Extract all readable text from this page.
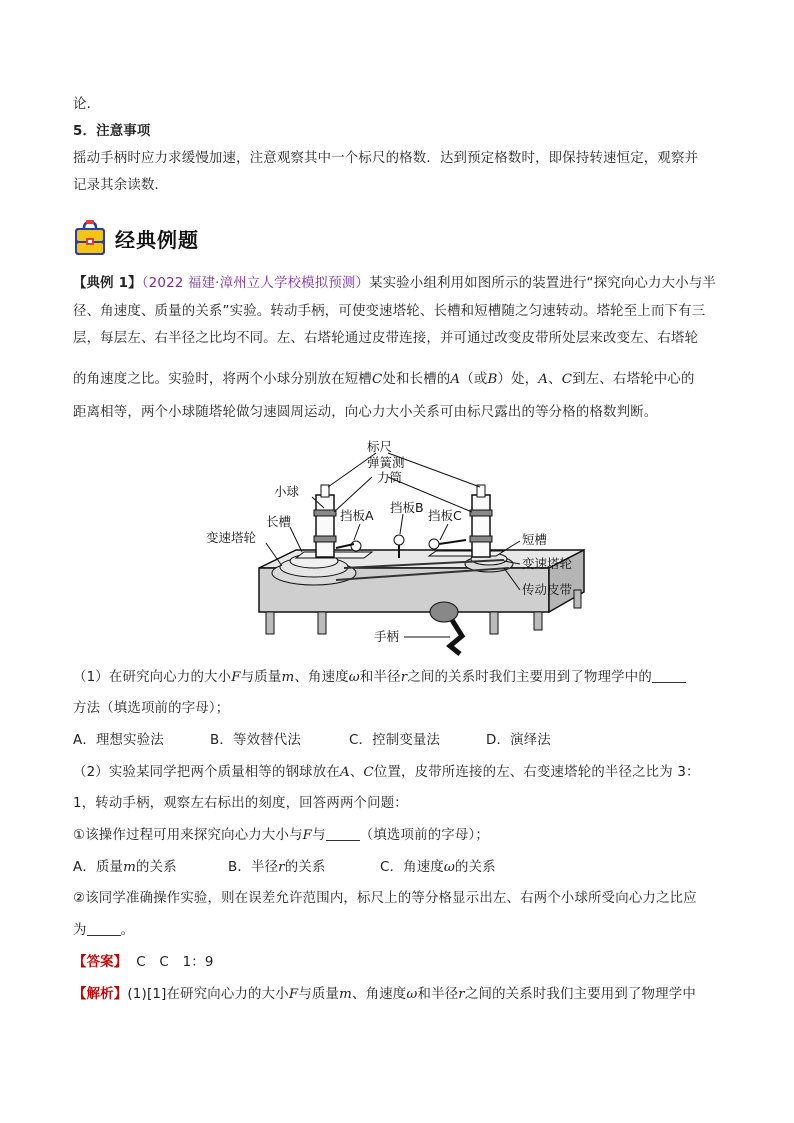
论．
5．注意事项
摇动手柄时应力求缓慢加速，注意观察其中一个标尺的格数．达到预定格数时，即保持转速恒定，观察并
记录其余读数．
经典例题
【典例 1】（2022 福建·漳州立人学校模拟预测）某实验小组利用如图所示的装置进行“探究向心力大小与半
径、角速度、质量的关系”实验。转动手柄，可使变速塔轮、长槽和短槽随之匀速转动。塔轮至上而下有三
层，每层左、右半径之比均不同。左、右塔轮通过皮带连接，并可通过改变皮带所处层来改变左、右塔轮
的角速度之比。实验时，将两个小球分别放在短槽C处和长槽的A（或B）处，A、C到左、右塔轮中心的
距离相等，两个小球随塔轮做匀速圆周运动，向心力大小关系可由标尺露出的等分格的格数判断。
标尺
弹簧测
力筒
小球
挡板A
挡板B
挡板C
长槽
变速塔轮	短槽
变速塔轮
传动皮带
手柄
（1）在研究向心力的大小F与质量m、角速度ω和半径r之间的关系时我们主要用到了物理学中的
方法（填选项前的字母）；
A．理想实验法	B．等效替代法	C．控制变量法	D．演绎法
（2）实验某同学把两个质量相等的钢球放在A、C位置，皮带所连接的左、右变速塔轮的半径之比为 3：
1，转动手柄，观察左右标出的刻度，回答两两个问题：
①该操作过程可用来探究向心力大小与F与	（填选项前的字母）；
A．质量m的关系	B．半径r的关系	C．角速度ω的关系
②该同学准确操作实验，则在误差允许范围内，标尺上的等分格显示出左、右两个小球所受向心力之比应
为	。
【答案】 C　C　1：9
【解析】(1)[1]在研究向心力的大小F与质量m、角速度ω和半径r之间的关系时我们主要用到了物理学中
